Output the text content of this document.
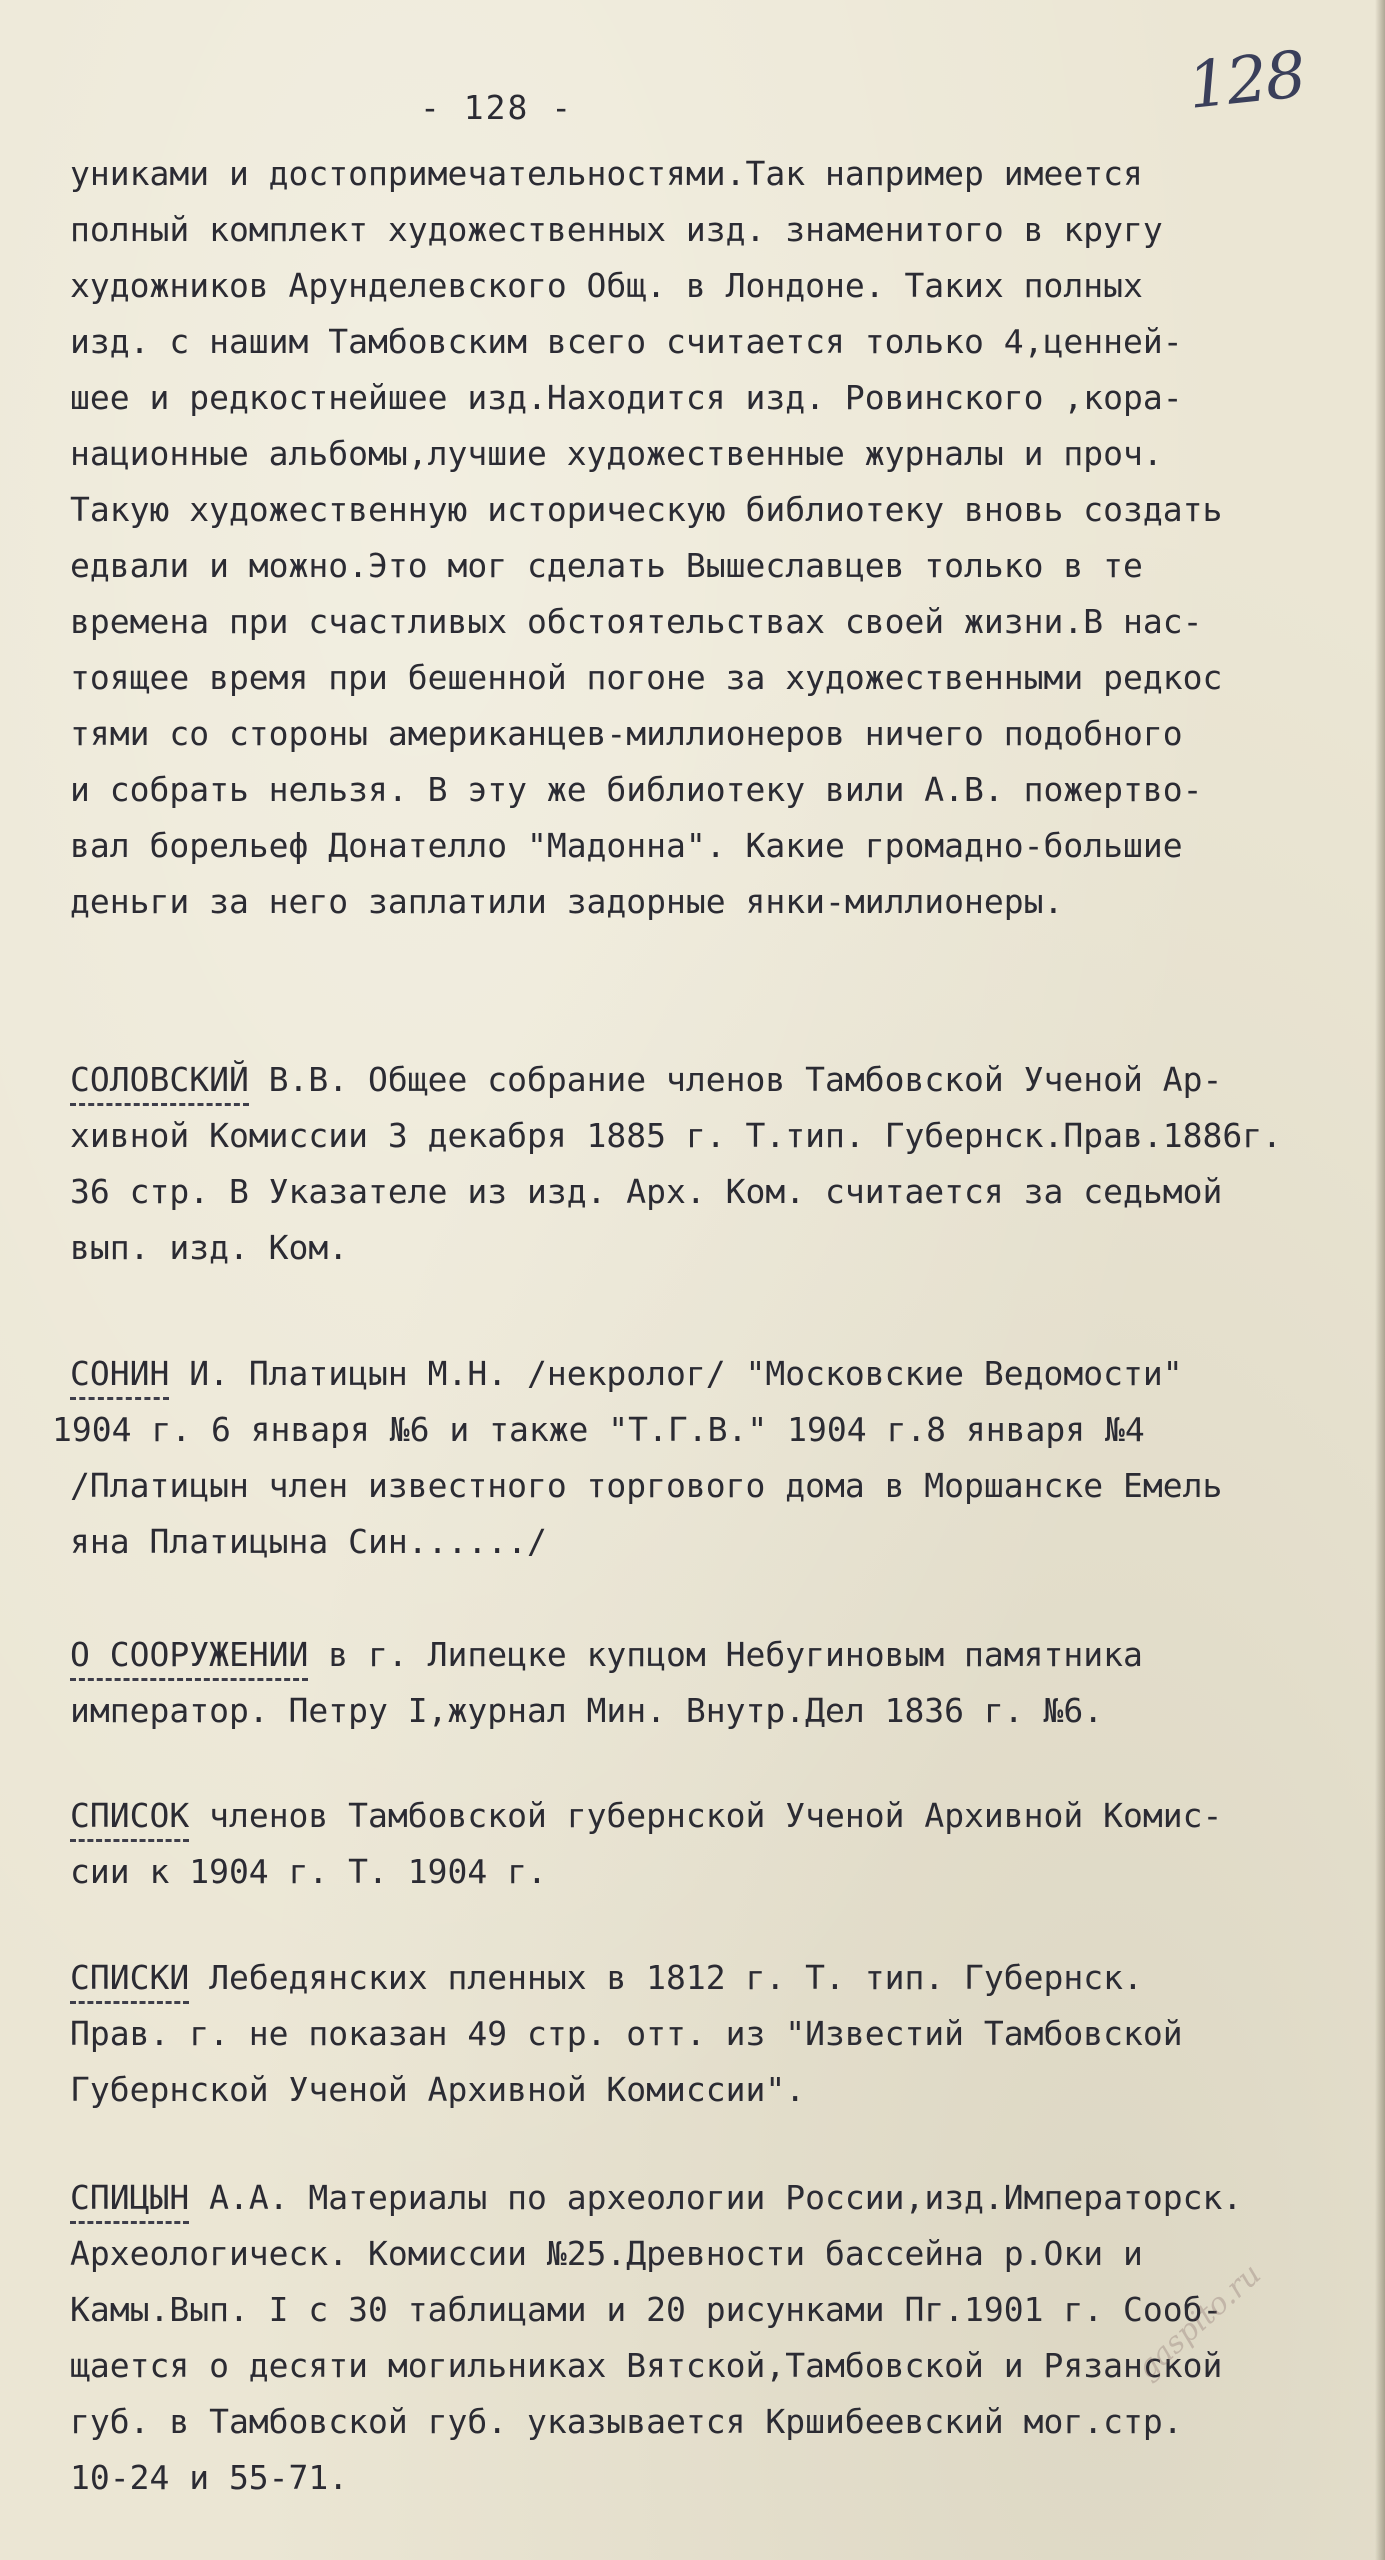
- 128 -	128
униками и достопримечательностями.Так например имеется
полный комплект художественных изд. знаменитого в кругу
художников Арунделевского Общ. в Лондоне. Таких полных
изд. с нашим Тамбовским всего считается только 4,ценней-
шее и редкостнейшее изд.Находится изд. Ровинского ,кора-
национные альбомы,лучшие художественные журналы и проч.
Такую художественную историческую библиотеку вновь создать
едвали и можно.Это мог сделать Вышеславцев только в те
времена при счастливых обстоятельствах своей жизни.В нас-
тоящее время при бешенной погоне за художественными редкос
тями со стороны американцев-миллионеров ничего подобного
и собрать нельзя. В эту же библиотеку вили А.В. пожертво-
вал борельеф Донателло "Мадонна". Какие громадно-большие
деньги за него заплатили задорные янки-миллионеры.
СОЛОВСКИЙ В.В. Общее собрание членов Тамбовской Ученой Ар-
хивной Комиссии 3 декабря 1885 г. Т.тип. Губернск.Прав.1886г.
36 стр. В Указателе из изд. Арх. Ком. считается за седьмой
вып. изд. Ком.
СОНИН И. Платицын М.Н. /некролог/ "Московские Ведомости"
1904 г. 6 января №6 и также "Т.Г.В." 1904 г.8 января №4
/Платицын член известного торгового дома в Моршанске Емель
яна Платицына Син....../
О СООРУЖЕНИИ в г. Липецке купцом Небугиновым памятника
император. Петру I,журнал Мин. Внутр.Дел 1836 г. №6.
СПИСОК членов Тамбовской губернской Ученой Архивной Комис-
сии к 1904 г. Т. 1904 г.
СПИСКИ Лебедянских пленных в 1812 г. Т. тип. Губернск.
Прав. г. не показан 49 стр. отт. из "Известий Тамбовской
Губернской Ученой Архивной Комиссии".
СПИЦЫН А.А. Материалы по археологии России,изд.Императорск.
Археологическ. Комиссии №25.Древности бассейна р.Оки и
Камы.Вып. I с 30 таблицами и 20 рисунками Пг.1901 г. Сооб-
щается о десяти могильниках Вятской,Тамбовской и Рязанской
губ. в Тамбовской губ. указывается Кршибеевский мог.стр.
10-24 и 55-71.
gaspito.ru
